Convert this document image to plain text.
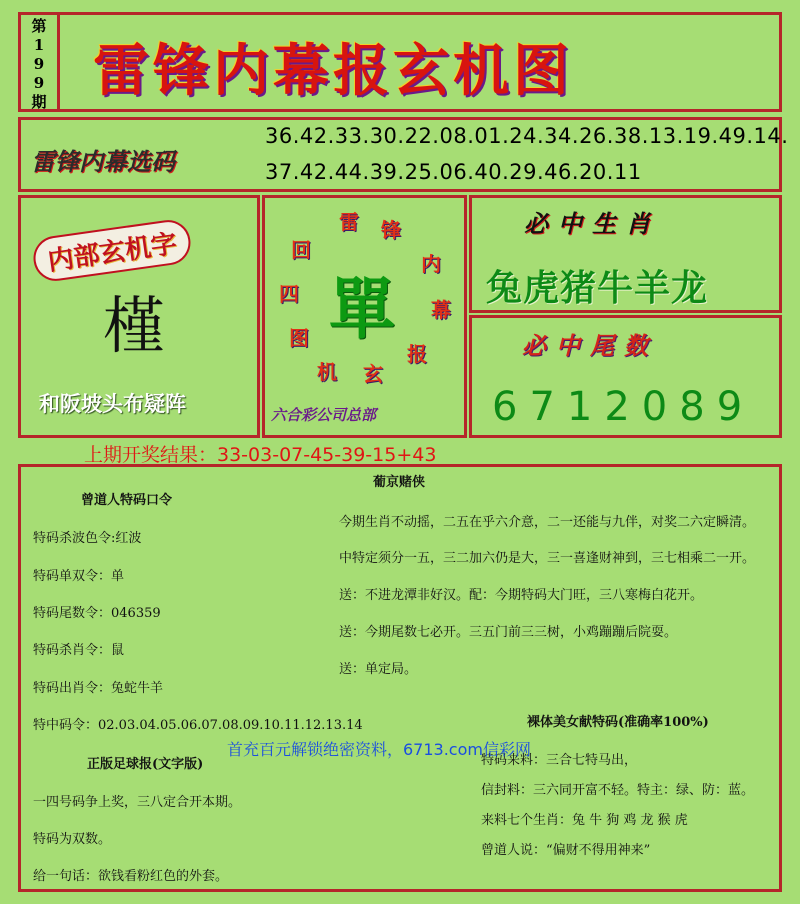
第
1
9
9
期 雷锋内幕报玄机图
雷锋内幕选码
36.42.33.30.22.08.01.24.34.26.38.13.19.49.14.
37.42.44.39.25.06.40.29.46.20.11
内部玄机字
槿
和阪坡头布疑阵
雷 锋
内
幕
报
玄
机
图
四
回
單
六合彩公司总部
必中生肖
兔虎猪牛羊龙
必中尾数
6712089
上期开奖结果：33-03-07-45-39-15+43
曾道人特码口令
特码杀波色令:红波
特码单双令：单
特码尾数令：046359
特码杀肖令：鼠
特码出肖令：兔蛇牛羊
特中码令：02.03.04.05.06.07.08.09.10.11.12.13.14
正版足球报(文字版)
一四号码争上奖，三八定合开本期。
特码为双数。
给一句话：欲钱看粉红色的外套。
葡京赌侠
今期生肖不动摇，二五在乎六介意，二一还能与九伴，对奖二六定瞬清。
中特定须分一五，三二加六仍是大，三一喜逢财神到，三七相乘二一开。
送：不进龙潭非好汉。配：今期特码大门旺，三八寒梅白花开。
送：今期尾数七必开。三五门前三三树，小鸡蹦蹦后院耍。
送：单定局。
裸体美女献特码(准确率100%)
特码来料：三合七特马出，
信封料：三六同开富不轻。特主：绿、防：蓝。
来料七个生肖：兔 牛 狗 鸡 龙 猴 虎
曾道人说：“偏财不得用神来”
首充百元解锁绝密资料，6713.com信彩网
